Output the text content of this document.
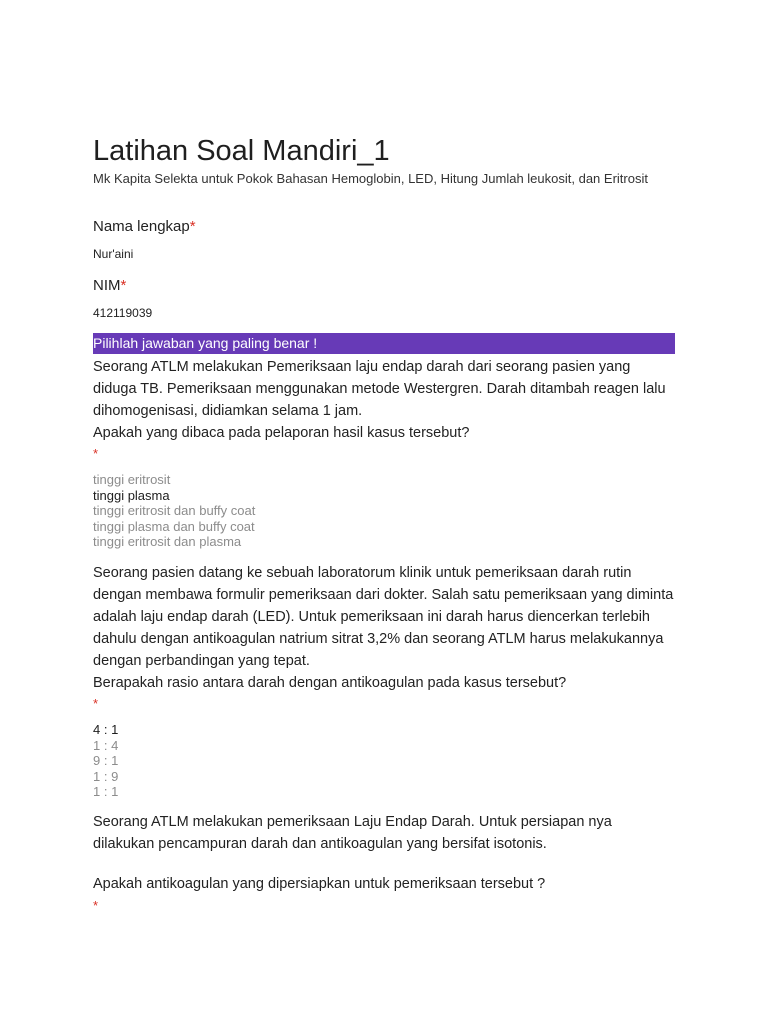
Latihan Soal Mandiri_1
Mk Kapita Selekta untuk Pokok Bahasan Hemoglobin, LED, Hitung Jumlah leukosit, dan Eritrosit
Nama lengkap*
Nur'aini
NIM*
412119039
Pilihlah jawaban yang paling benar !
Seorang ATLM melakukan Pemeriksaan laju endap darah dari seorang pasien yang diduga TB. Pemeriksaan menggunakan metode Westergren. Darah ditambah reagen lalu dihomogenisasi, didiamkan selama 1 jam.
Apakah yang dibaca pada pelaporan hasil kasus tersebut?
*
tinggi eritrosit
tinggi plasma
tinggi eritrosit dan buffy coat
tinggi plasma dan buffy coat
tinggi eritrosit dan plasma
Seorang pasien datang ke sebuah laboratorum klinik untuk pemeriksaan darah rutin dengan membawa formulir pemeriksaan dari dokter. Salah satu pemeriksaan yang diminta adalah laju endap darah (LED). Untuk pemeriksaan ini darah harus diencerkan terlebih dahulu dengan antikoagulan natrium sitrat 3,2% dan seorang ATLM harus melakukannya dengan perbandingan yang tepat.
Berapakah rasio antara darah dengan antikoagulan pada kasus tersebut?
*
4 : 1
1 : 4
9 : 1
1 : 9
1 : 1
Seorang ATLM melakukan pemeriksaan Laju Endap Darah. Untuk persiapan nya dilakukan pencampuran darah dan antikoagulan yang bersifat isotonis.
Apakah antikoagulan yang dipersiapkan untuk pemeriksaan tersebut ?
*
